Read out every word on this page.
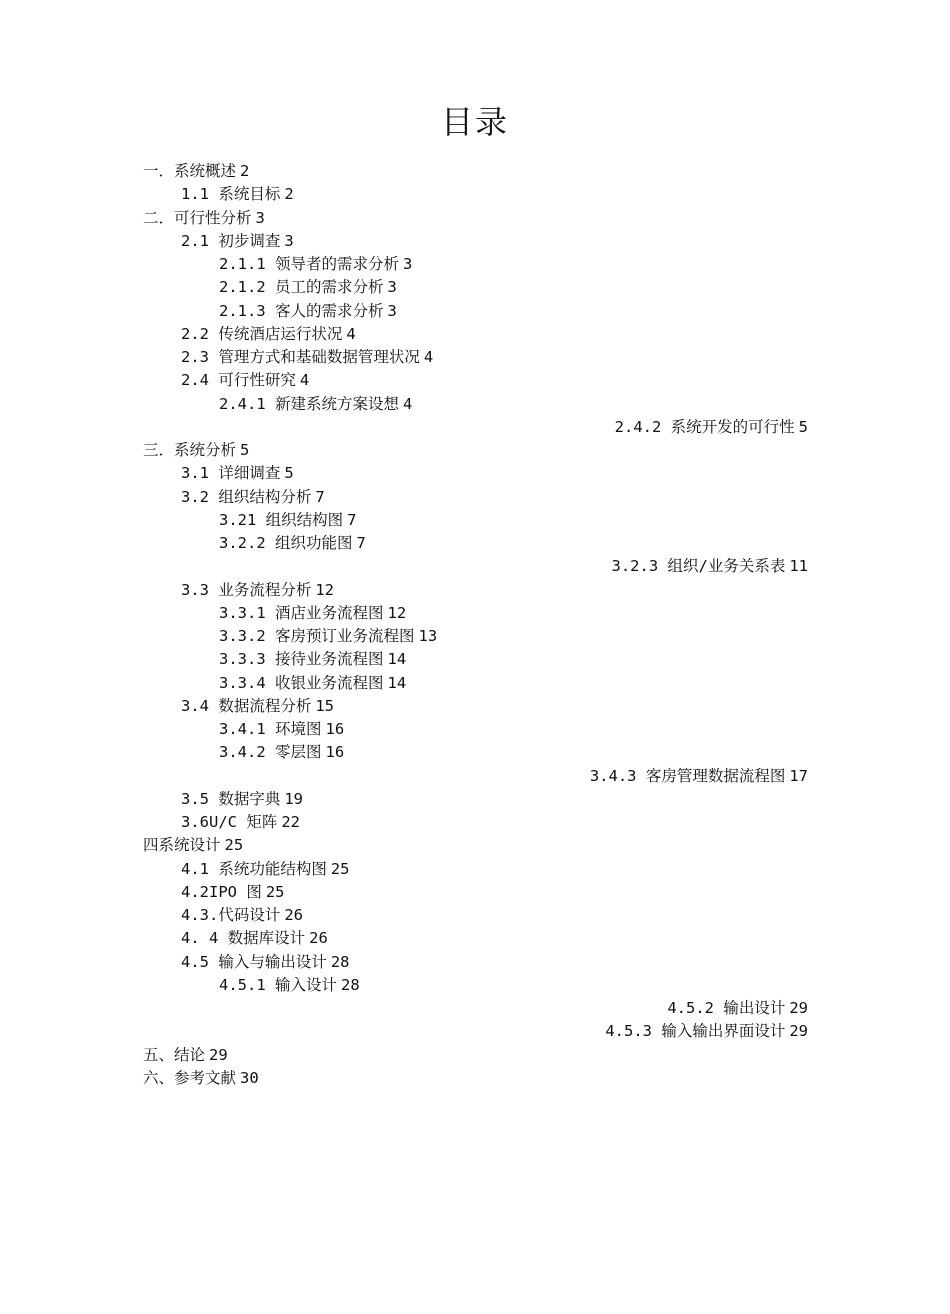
目录
一．系统概述 2
1.1 系统目标 2
二．可行性分析 3
2.1 初步调查 3
2.1.1 领导者的需求分析 3
2.1.2 员工的需求分析 3
2.1.3 客人的需求分析 3
2.2 传统酒店运行状况 4
2.3 管理方式和基础数据管理状况 4
2.4 可行性研究 4
2.4.1 新建系统方案设想 4
2.4.2 系统开发的可行性 5
三．系统分析 5
3.1 详细调查 5
3.2 组织结构分析 7
3.21 组织结构图 7
3.2.2 组织功能图 7
3.2.3 组织/业务关系表 11
3.3 业务流程分析 12
3.3.1 酒店业务流程图 12
3.3.2 客房预订业务流程图 13
3.3.3 接待业务流程图 14
3.3.4 收银业务流程图 14
3.4 数据流程分析 15
3.4.1 环境图 16
3.4.2 零层图 16
3.4.3 客房管理数据流程图 17
3.5 数据字典 19
3.6U/C 矩阵 22
四系统设计 25
4.1 系统功能结构图 25
4.2IPO 图 25
4.3.代码设计 26
4. 4 数据库设计 26
4.5 输入与输出设计 28
4.5.1 输入设计 28
4.5.2 输出设计 29
4.5.3 输入输出界面设计 29
五、结论 29
六、参考文献 30
